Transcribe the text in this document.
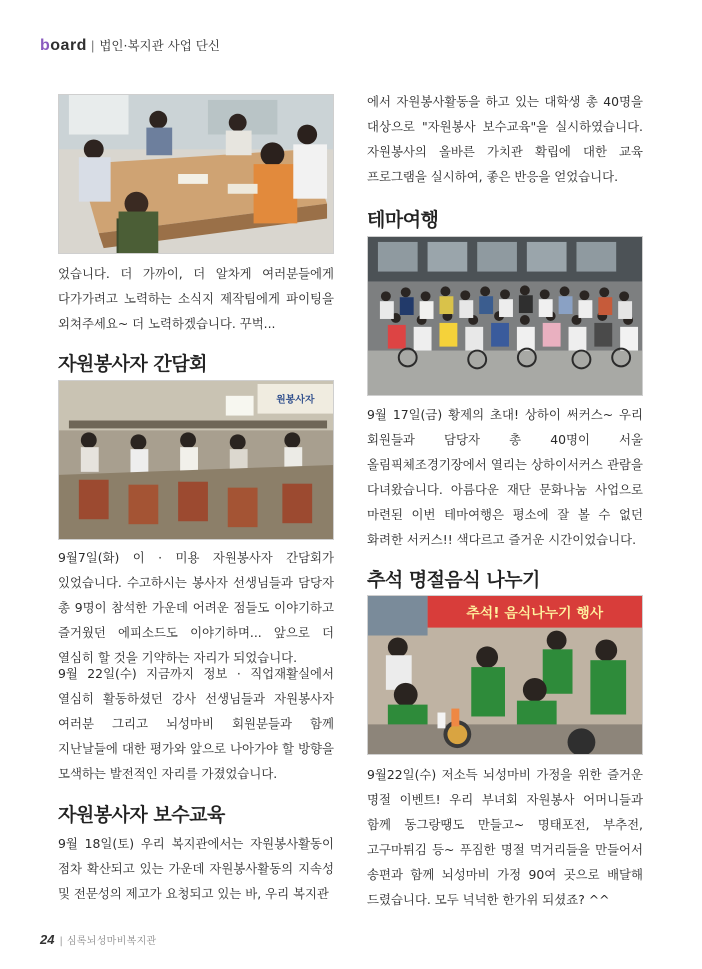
board | 법인·복지관 사업 단신
었습니다. 더 가까이, 더 알차게 여러분들에게 다가가려고 노력하는 소식지 제작팀에게 파이팅을 외쳐주세요~ 더 노력하겠습니다. 꾸벅...
자원봉사자 간담회
원봉사자
9월7일(화) 이 · 미용 자원봉사자 간담회가 있었습니다. 수고하시는 봉사자 선생님들과 담당자 총 9명이 참석한 가운데 어려운 점들도 이야기하고 즐거웠던 에피소드도 이야기하며... 앞으로 더 열심히 할 것을 기약하는 자리가 되었습니다.
9월 22일(수) 지금까지 정보 · 직업재활실에서 열심히 활동하셨던 강사 선생님들과 자원봉사자 여러분 그리고 뇌성마비 회원분들과 함께 지난날들에 대한 평가와 앞으로 나아가야 할 방향을 모색하는 발전적인 자리를 가졌었습니다.
자원봉사자 보수교육
9월 18일(토) 우리 복지관에서는 자원봉사활동이 점차 확산되고 있는 가운데 자원봉사활동의 지속성 및 전문성의 제고가 요청되고 있는 바, 우리 복지관
에서 자원봉사활동을 하고 있는 대학생 총 40명을 대상으로 "자원봉사 보수교육"을 실시하였습니다. 자원봉사의 올바른 가치관 확립에 대한 교육 프로그램을 실시하여, 좋은 반응을 얻었습니다.
테마여행
9월 17일(금) 황제의 초대! 상하이 써커스~ 우리 회원들과 담당자 총 40명이 서울 올림픽체조경기장에서 열리는 상하이서커스 관람을 다녀왔습니다. 아름다운 재단 문화나눔 사업으로 마련된 이번 테마여행은 평소에 잘 볼 수 없던 화려한 서커스!! 색다르고 즐거운 시간이었습니다.
추석 명절음식 나누기
추석! 음식나누기 행사
9월22일(수) 저소득 뇌성마비 가정을 위한 즐거운 명절 이벤트! 우리 부녀회 자원봉사 어머니들과 함께 동그랑땡도 만들고~ 명태포전, 부추전, 고구마튀김 등~ 푸짐한 명절 먹거리들을 만들어서 송편과 함께 뇌성마비 가정 90여 곳으로 배달해 드렸습니다. 모두 넉넉한 한가위 되셨죠? ^^
24 | 심록뇌성마비복지관
